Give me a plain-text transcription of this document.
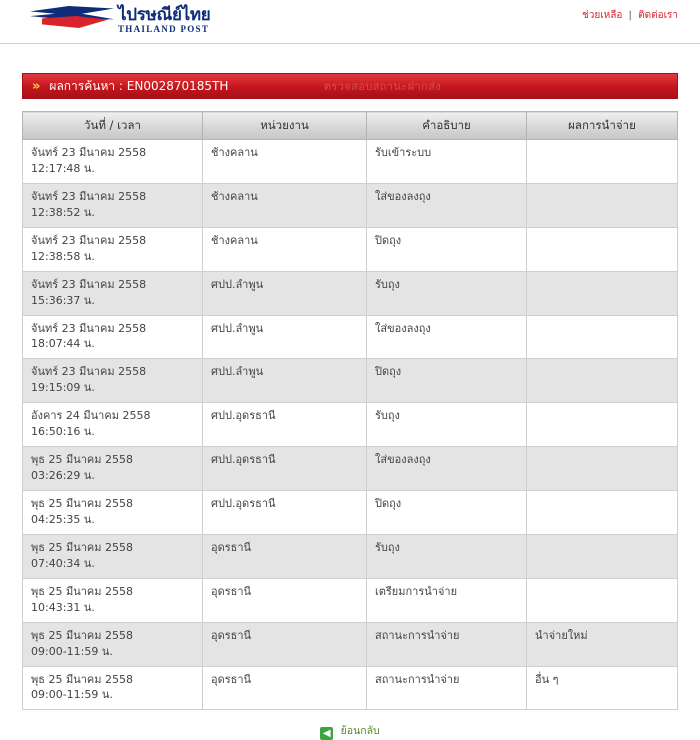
ไปรษณีย์ไทย
THAILAND POST
ช่วยเหลือ | ติดต่อเรา
ตรวจสอบสถานะฝากส่ง
» ผลการค้นหา : EN002870185TH
วันที่ / เวลา	หน่วยงาน	คำอธิบาย	ผลการนำจ่าย

จันทร์ 23 มีนาคม 2558
12:17:48 น.	ช้างคลาน	รับเข้าระบบ	

จันทร์ 23 มีนาคม 2558
12:38:52 น.	ช้างคลาน	ใส่ของลงถุง	

จันทร์ 23 มีนาคม 2558
12:38:58 น.	ช้างคลาน	ปิดถุง	

จันทร์ 23 มีนาคม 2558
15:36:37 น.	ศปป.ลำพูน	รับถุง	

จันทร์ 23 มีนาคม 2558
18:07:44 น.	ศปป.ลำพูน	ใส่ของลงถุง	

จันทร์ 23 มีนาคม 2558
19:15:09 น.	ศปป.ลำพูน	ปิดถุง	

อังคาร 24 มีนาคม 2558
16:50:16 น.	ศปป.อุดรธานี	รับถุง	

พุธ 25 มีนาคม 2558
03:26:29 น.	ศปป.อุดรธานี	ใส่ของลงถุง	

พุธ 25 มีนาคม 2558
04:25:35 น.	ศปป.อุดรธานี	ปิดถุง	

พุธ 25 มีนาคม 2558
07:40:34 น.	อุดรธานี	รับถุง	

พุธ 25 มีนาคม 2558
10:43:31 น.	อุดรธานี	เตรียมการนำจ่าย	

พุธ 25 มีนาคม 2558
09:00-11:59 น.	อุดรธานี	สถานะการนำจ่าย	นำจ่ายใหม่

พุธ 25 มีนาคม 2558
09:00-11:59 น.	อุดรธานี	สถานะการนำจ่าย	อื่น ๆ
◀ ย้อนกลับ
